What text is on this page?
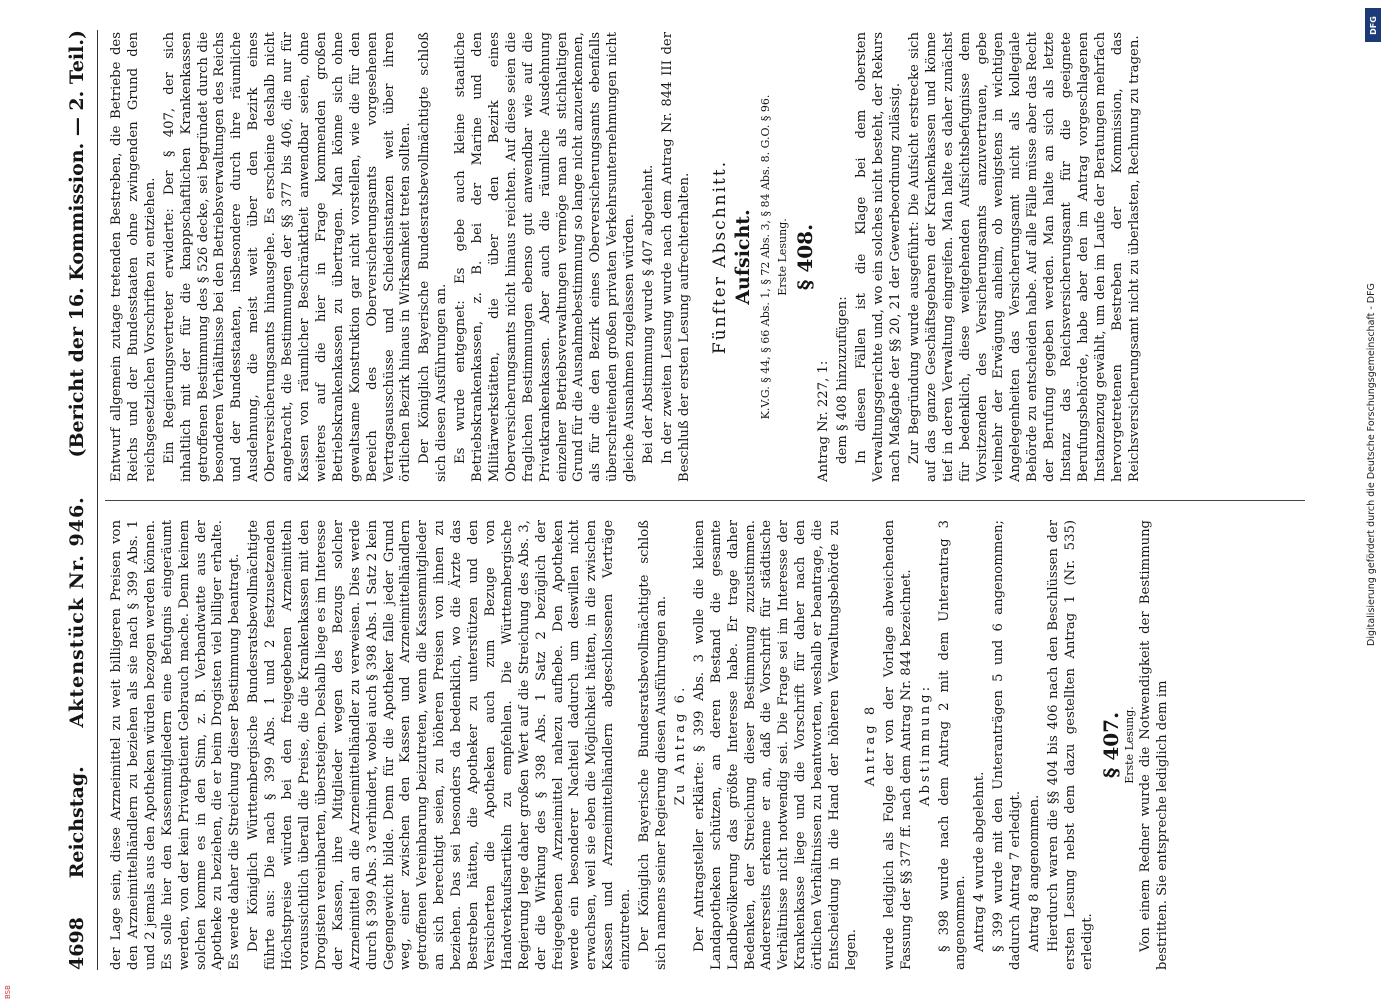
4698
Reichstag.
Aktenstück Nr. 946.
(Bericht der 16. Kommission. — 2. Teil.)

der Lage sein, diese Arzneimittel zu weit billigeren Preisen von den Arzneimittelhändlern zu beziehen als sie nach § 399 Abs. 1 und 2 jemals aus den Apotheken würden bezogen werden können. Es solle hier den Kassenmitgliedern eine Befugnis eingeräumt werden, von der kein Privatpatient Gebrauch mache. Denn keinem solchen komme es in den Sinn, z. B. Verbandwatte aus der Apotheke zu beziehen, die er beim Drogisten viel billiger erhalte. Es werde daher die Streichung dieser Bestimmung beantragt. Der Königlich Württembergische Bundesratsbevollmächtigte führte aus: Die nach § 399 Abs. 1 und 2 festzusetzenden Höchstpreise würden bei den freigegebenen Arzneimitteln voraussichtlich überall die Preise, die die Krankenkassen mit den Drogisten vereinbarten, übersteigen. Deshalb liege es im Interesse der Kassen, ihre Mitglieder wegen des Bezugs solcher Arzneimittel an die Arzneimittelhändler zu verweisen. Dies werde durch § 399 Abs. 3 verhindert, wobei auch § 398 Abs. 1 Satz 2 kein Gegengewicht bilde. Denn für die Apotheker falle jeder Grund weg, einer zwischen den Kassen und Arzneimittelhändlern getroffenen Vereinbarung beizutreten, wenn die Kassenmitglieder an sich berechtigt seien, zu höheren Preisen von ihnen zu beziehen. Das sei besonders da bedenklich, wo die Ärzte das Bestreben hätten, die Apotheker zu unterstützen und den Versicherten die Apotheken auch zum Bezuge von Handverkaufsartikeln zu empfehlen. Die Württembergische Regierung lege daher großen Wert auf die Streichung des Abs. 3, der die Wirkung des § 398 Abs. 1 Satz 2 bezüglich der freigegebenen Arzneimittel nahezu aufhebe. Den Apotheken werde ein besonderer Nachteil dadurch um deswillen nicht erwachsen, weil sie eben die Möglichkeit hätten, in die zwischen Kassen und Arzneimittelhändlern abgeschlossenen Verträge einzutreten. Der Königlich Bayerische Bundesratsbevollmächtigte schloß sich namens seiner Regierung diesen Ausführungen an. Zu Antrag 6. Der Antragsteller erklärte: § 399 Abs. 3 wolle die kleinen Landapotheken schützen, an deren Bestand die gesamte Landbevölkerung das größte Interesse habe. Er trage daher Bedenken, der Streichung dieser Bestimmung zuzustimmen. Andererseits erkenne er an, daß die Vorschrift für städtische Verhältnisse nicht notwendig sei. Die Frage sei im Interesse der Krankenkasse liege und die Vorschrift für daher nach den örtlichen Verhältnissen zu beantworten, weshalb er beantrage, die Entscheidung in die Hand der höheren Verwaltungsbehörde zu legen.

Antrag 8 wurde lediglich als Folge der von der Vorlage abweichenden Fassung der §§ 377 ff. nach dem Antrag Nr. 844 bezeichnet. Abstimmung: § 398 wurde nach dem Antrag 2 mit dem Unterantrag 3 angenommen. Antrag 4 wurde abgelehnt. § 399 wurde mit den Unteranträgen 5 und 6 angenommen; dadurch Antrag 7 erledigt. Antrag 8 angenommen. Hierdurch waren die §§ 404 bis 406 nach den Beschlüssen der ersten Lesung nebst dem dazu gestellten Antrag 1 (Nr. 535) erledigt.

§ 407. Erste Lesung. Von einem Redner wurde die Notwendigkeit der Bestimmung bestritten. Sie entspreche lediglich dem im

Entwurf allgemein zutage tretenden Bestreben, die Betriebe des Reichs und der Bundesstaaten ohne zwingenden Grund den reichsgesetzlichen Vorschriften zu entziehen. Ein Regierungsvertreter erwiderte: Der § 407, der sich inhaltlich mit der für die knappschaftlichen Krankenkassen getroffenen Bestimmung des § 526 decke, sei begründet durch die besonderen Verhältnisse bei den Betriebsverwaltungen des Reichs und der Bundesstaaten, insbesondere durch ihre räumliche Ausdehnung, die meist weit über den Bezirk eines Oberversicherungsamts hinausgehe. Es erscheine deshalb nicht angebracht, die Bestimmungen der §§ 377 bis 406, die nur für Kassen von räumlicher Beschränktheit anwendbar seien, ohne weiteres auf die hier in Frage kommenden großen Betriebskrankenkassen zu übertragen. Man könne sich ohne gewaltsame Konstruktion gar nicht vorstellen, wie die für den Bereich des Oberversicherungsamts vorgesehenen Vertragsausschüsse und Schiedsinstanzen weit über ihren örtlichen Bezirk hinaus in Wirksamkeit treten sollten. Der Königlich Bayerische Bundesratsbevollmächtigte schloß sich diesen Ausführungen an. Es wurde entgegnet: Es gebe auch kleine staatliche Betriebskrankenkassen, z. B. bei der Marine und den Militärwerkstätten, die über den Bezirk eines Oberversicherungsamts nicht hinaus reichten. Auf diese seien die fraglichen Bestimmungen ebenso gut anwendbar wie auf die Privatkrankenkassen. Aber auch die räumliche Ausdehnung einzelner Betriebsverwaltungen vermöge man als stichhaltigen Grund für die Ausnahmebestimmung so lange nicht anzuerkennen, als für die den Bezirk eines Oberversicherungsamts ebenfalls überschreitenden großen privaten Verkehrsunternehmungen nicht gleiche Ausnahmen zugelassen würden. Bei der Abstimmung wurde § 407 abgelehnt. In der zweiten Lesung wurde nach dem Antrag Nr. 844 III der Beschluß der ersten Lesung aufrechterhalten. Fünfter Abschnitt. Aufsicht. K.V.G. § 44, § 66 Abs. 1, § 72 Abs. 3, § 84 Abs. 8. G.O. § 96. Erste Lesung. § 408.

Antrag Nr. 227, 1: dem § 408 hinzuzufügen: In diesen Fällen ist die Klage bei dem obersten Verwaltungsgerichte und, wo ein solches nicht besteht, der Rekurs nach Maßgabe der §§ 20, 21 der Gewerbeordnung zulässig. Zur Begründung wurde ausgeführt: Die Aufsicht erstrecke sich auf das ganze Geschäftsgebaren der Krankenkassen und könne tief in deren Verwaltung eingreifen. Man halte es daher zunächst für bedenklich, diese weitgehenden Aufsichtsbefugnisse dem Vorsitzenden des Versicherungsamts anzuvertrauen, gebe vielmehr der Erwägung anheim, ob wenigstens in wichtigen Angelegenheiten das Versicherungsamt nicht als kollegiale Behörde zu entscheiden habe. Auf alle Fälle müsse aber das Recht der Berufung gegeben werden. Man halte an sich als letzte Instanz das Reichsversicherungsamt für die geeignete Berufungsbehörde, habe aber den im Antrag vorgeschlagenen Instanzenzug gewählt, um den im Laufe der Beratungen mehrfach hervorgetretenen Bestreben der Kommission, das Reichsversicherungsamt nicht zu überlasten, Rechnung zu tragen.

DFG
Digitalisierung gefördert durch die Deutsche Forschungsgemeinschaft - DFG
BSB
